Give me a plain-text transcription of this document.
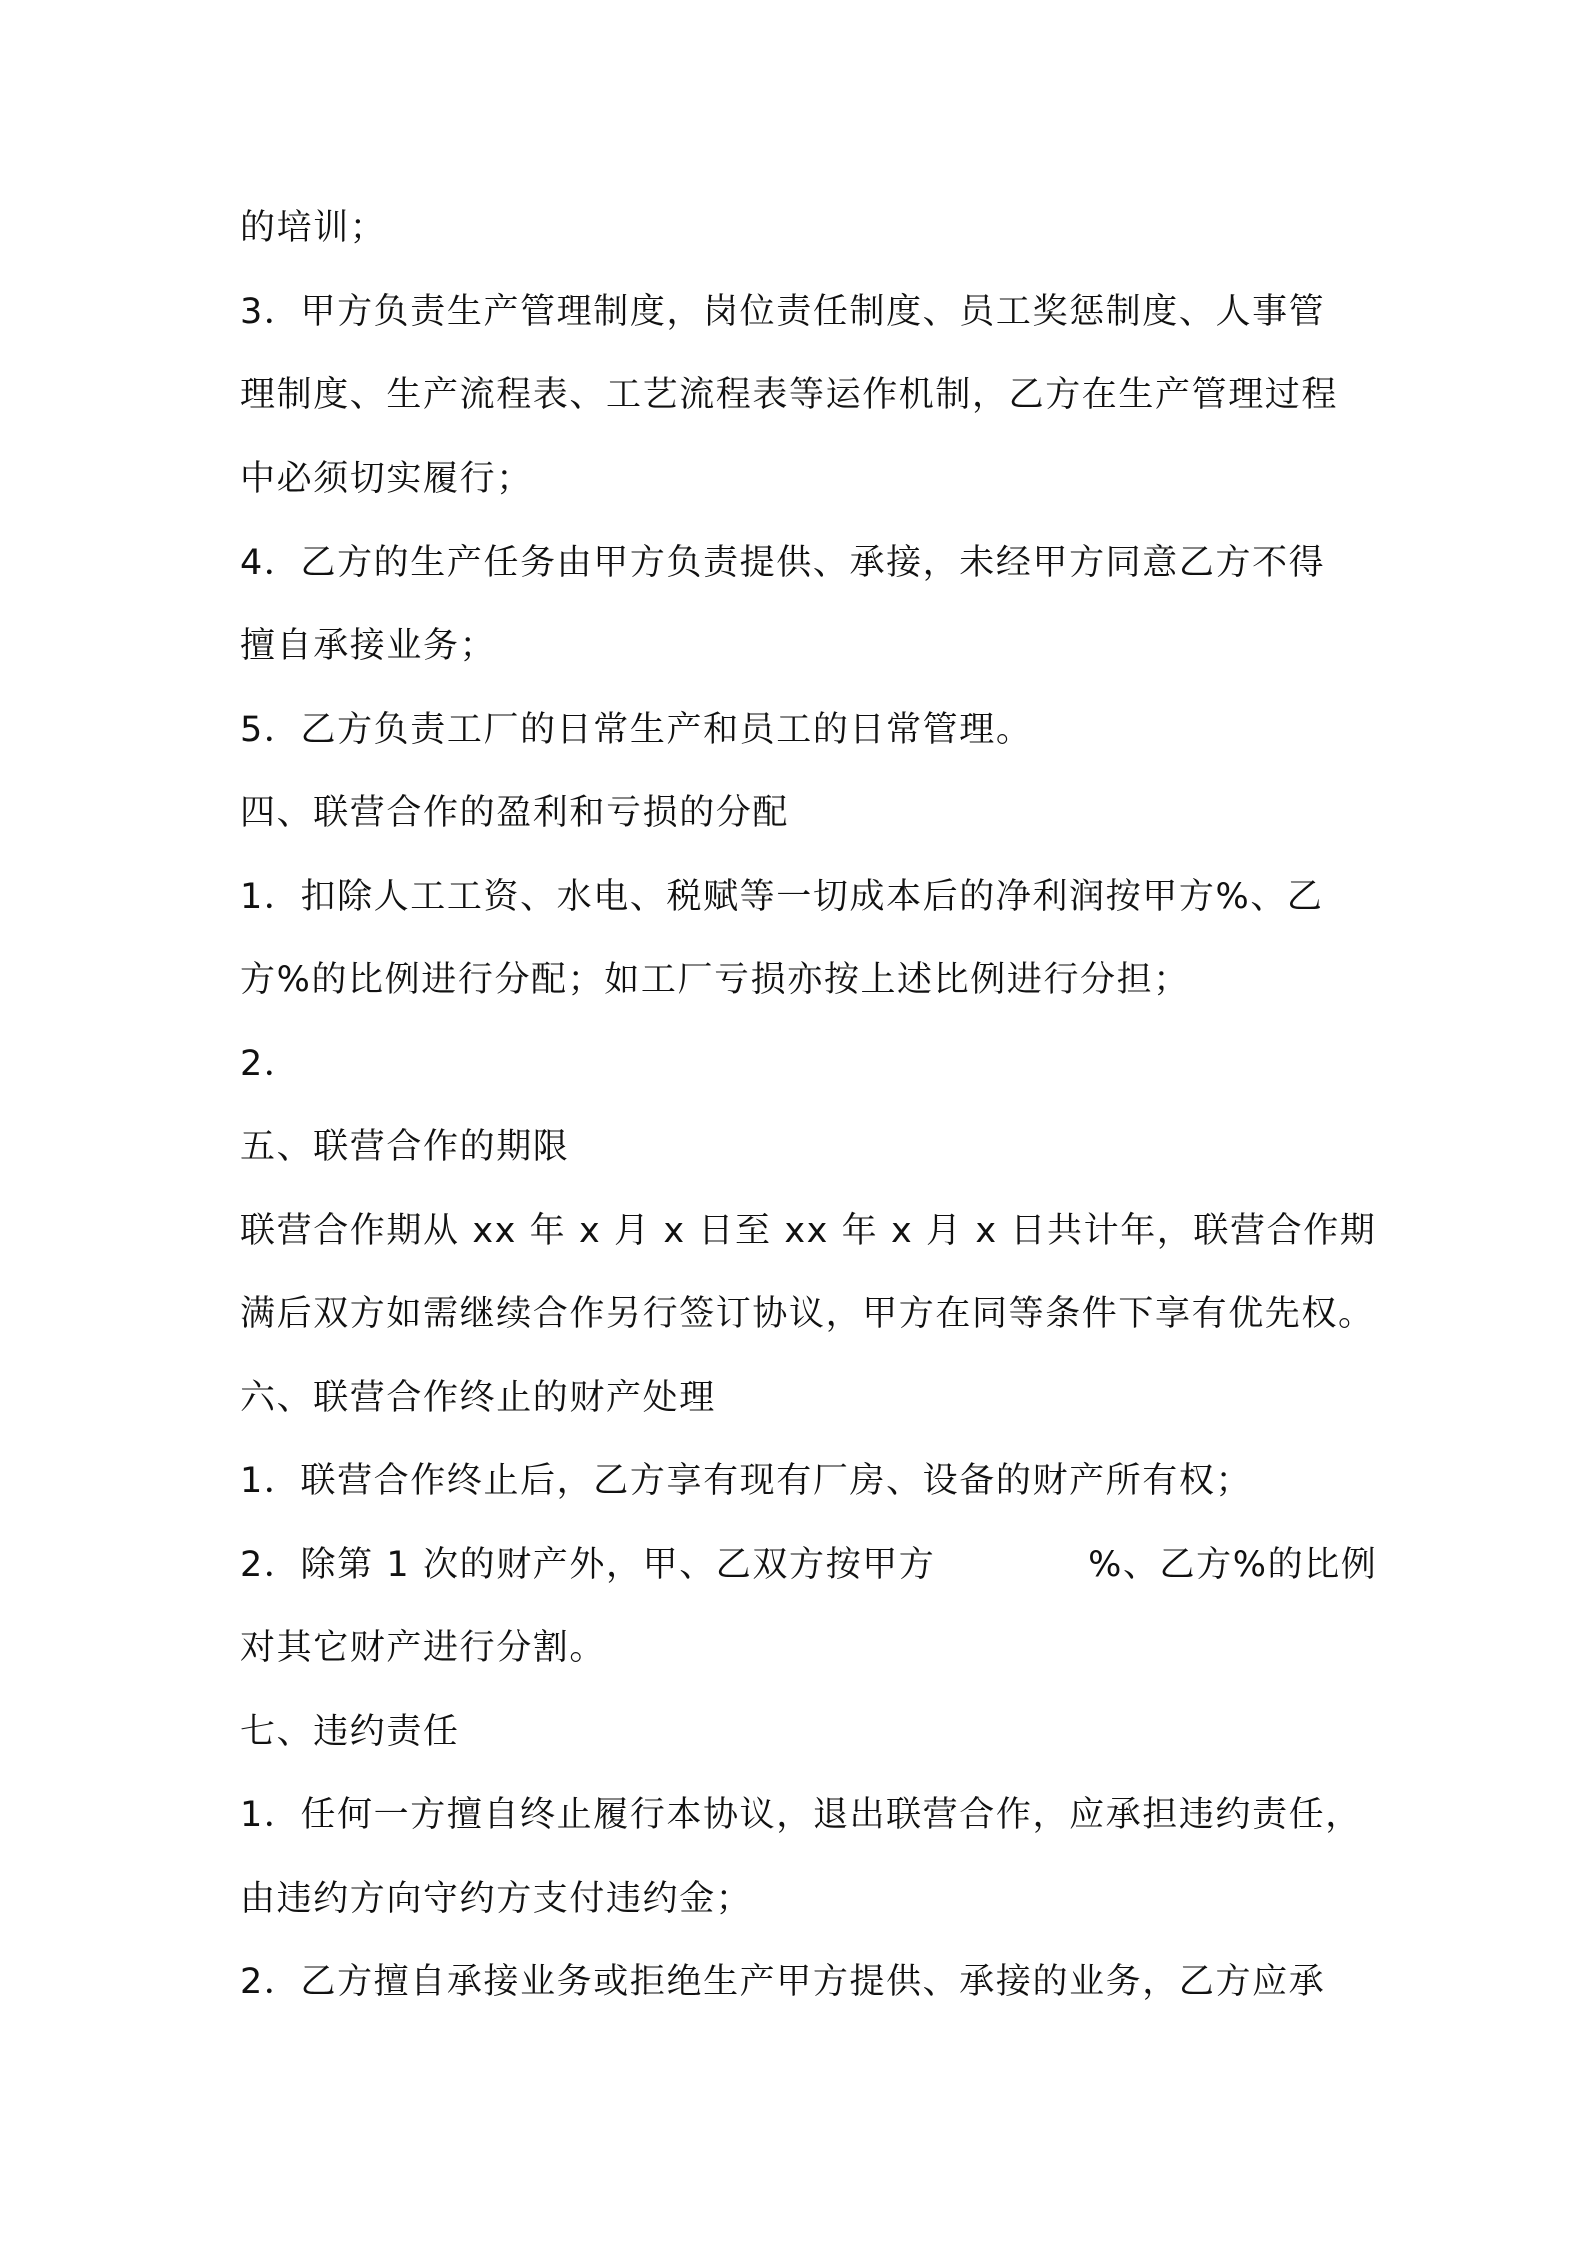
的培训；
3．甲方负责生产管理制度，岗位责任制度、员工奖惩制度、人事管
理制度、生产流程表、工艺流程表等运作机制，乙方在生产管理过程
中必须切实履行；
4．乙方的生产任务由甲方负责提供、承接，未经甲方同意乙方不得
擅自承接业务；
5．乙方负责工厂的日常生产和员工的日常管理。
四、联营合作的盈利和亏损的分配
1．扣除人工工资、水电、税赋等一切成本后的净利润按甲方%、乙
方%的比例进行分配；如工厂亏损亦按上述比例进行分担；
2．
五、联营合作的期限
联营合作期从 xx 年 x 月 x 日至 xx 年 x 月 x 日共计年，联营合作期
满后双方如需继续合作另行签订协议，甲方在同等条件下享有优先权。
六、联营合作终止的财产处理
1．联营合作终止后，乙方享有现有厂房、设备的财产所有权；
2．除第 1 次的财产外，甲、乙双方按甲方            %、乙方%的比例
对其它财产进行分割。
七、违约责任
1．任何一方擅自终止履行本协议，退出联营合作，应承担违约责任，
由违约方向守约方支付违约金；
2．乙方擅自承接业务或拒绝生产甲方提供、承接的业务，乙方应承
